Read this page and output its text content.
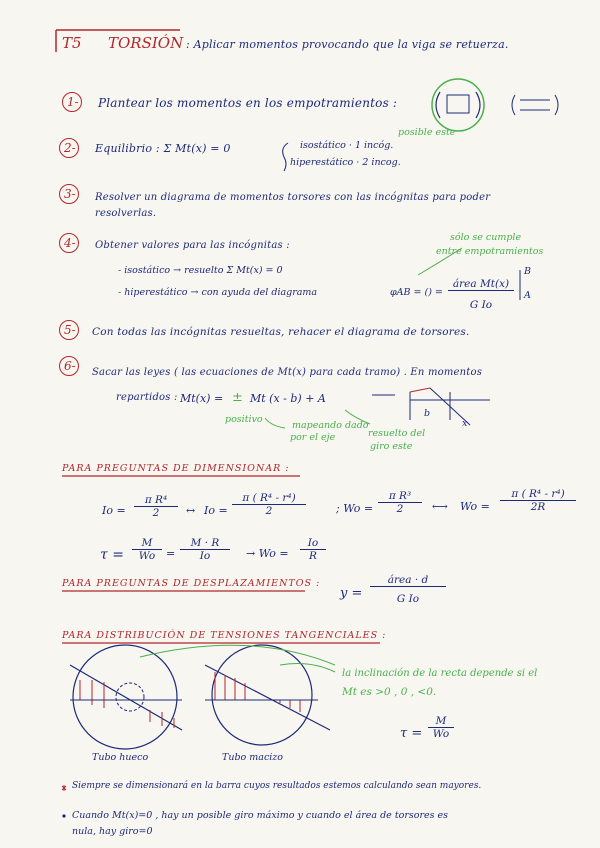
T5 TORSIÓN : Aplicar momentos provocando que la viga se retuerza.
1- Plantear los momentos en los empotramientos :
posible este
2- Equilibrio : Σ Mt(x) = 0	isostático · 1 incóg.
hiperestático · 2 incog.
3- Resolver un diagrama de momentos torsores con las incógnitas para poder
resolverlas.
4- Obtener valores para las incógnitas :
sólo se cumple
entre empotramientos
- isostático → resuelto Σ Mt(x) = 0
- hiperestático → con ayuda del diagrama	φAB = () =
área Mt(x)
G Io
B
A
5- Con todas las incógnitas resueltas, rehacer el diagrama de torsores.
6- Sacar las leyes ( las ecuaciones de Mt(x) para cada tramo) . En momentos
repartidos : Mt(x) = ± Mt (x - b) + A
positivo
mapeando dado
por el eje	resuelto del
giro este
b
x
PARA PREGUNTAS DE DIMENSIONAR :
$Io = \frac{\text{π R⁴}}{2}$ ↔ $Io = \frac{\text{π ( R⁴ - r⁴)}}{2}$	; $Wo = \frac{\text{π R³}}{2}$ ⟷ $Wo = \frac{\text{π ( R⁴ - r⁴)}}{2R}$
$\tau = \frac{M}{Wo} = \frac{M \cdot R}{Io} \to Wo = \frac{Io}{R}$
PARA PREGUNTAS DE DESPLAZAMIENTOS :
y =
área · d
G Io
PARA DISTRIBUCIÓN DE TENSIONES TANGENCIALES :
la inclinación de la recta depende si el
Mt es >0 , 0 , <0.
$\tau = \frac{M}{Wo}$
Tubo hueco	Tubo macizo
Siempre se dimensionará en la barra cuyos resultados estemos calculando sean mayores.
Cuando Mt(x)=0 , hay un posible giro máximo y cuando el área de torsores es
nula, hay giro=0
